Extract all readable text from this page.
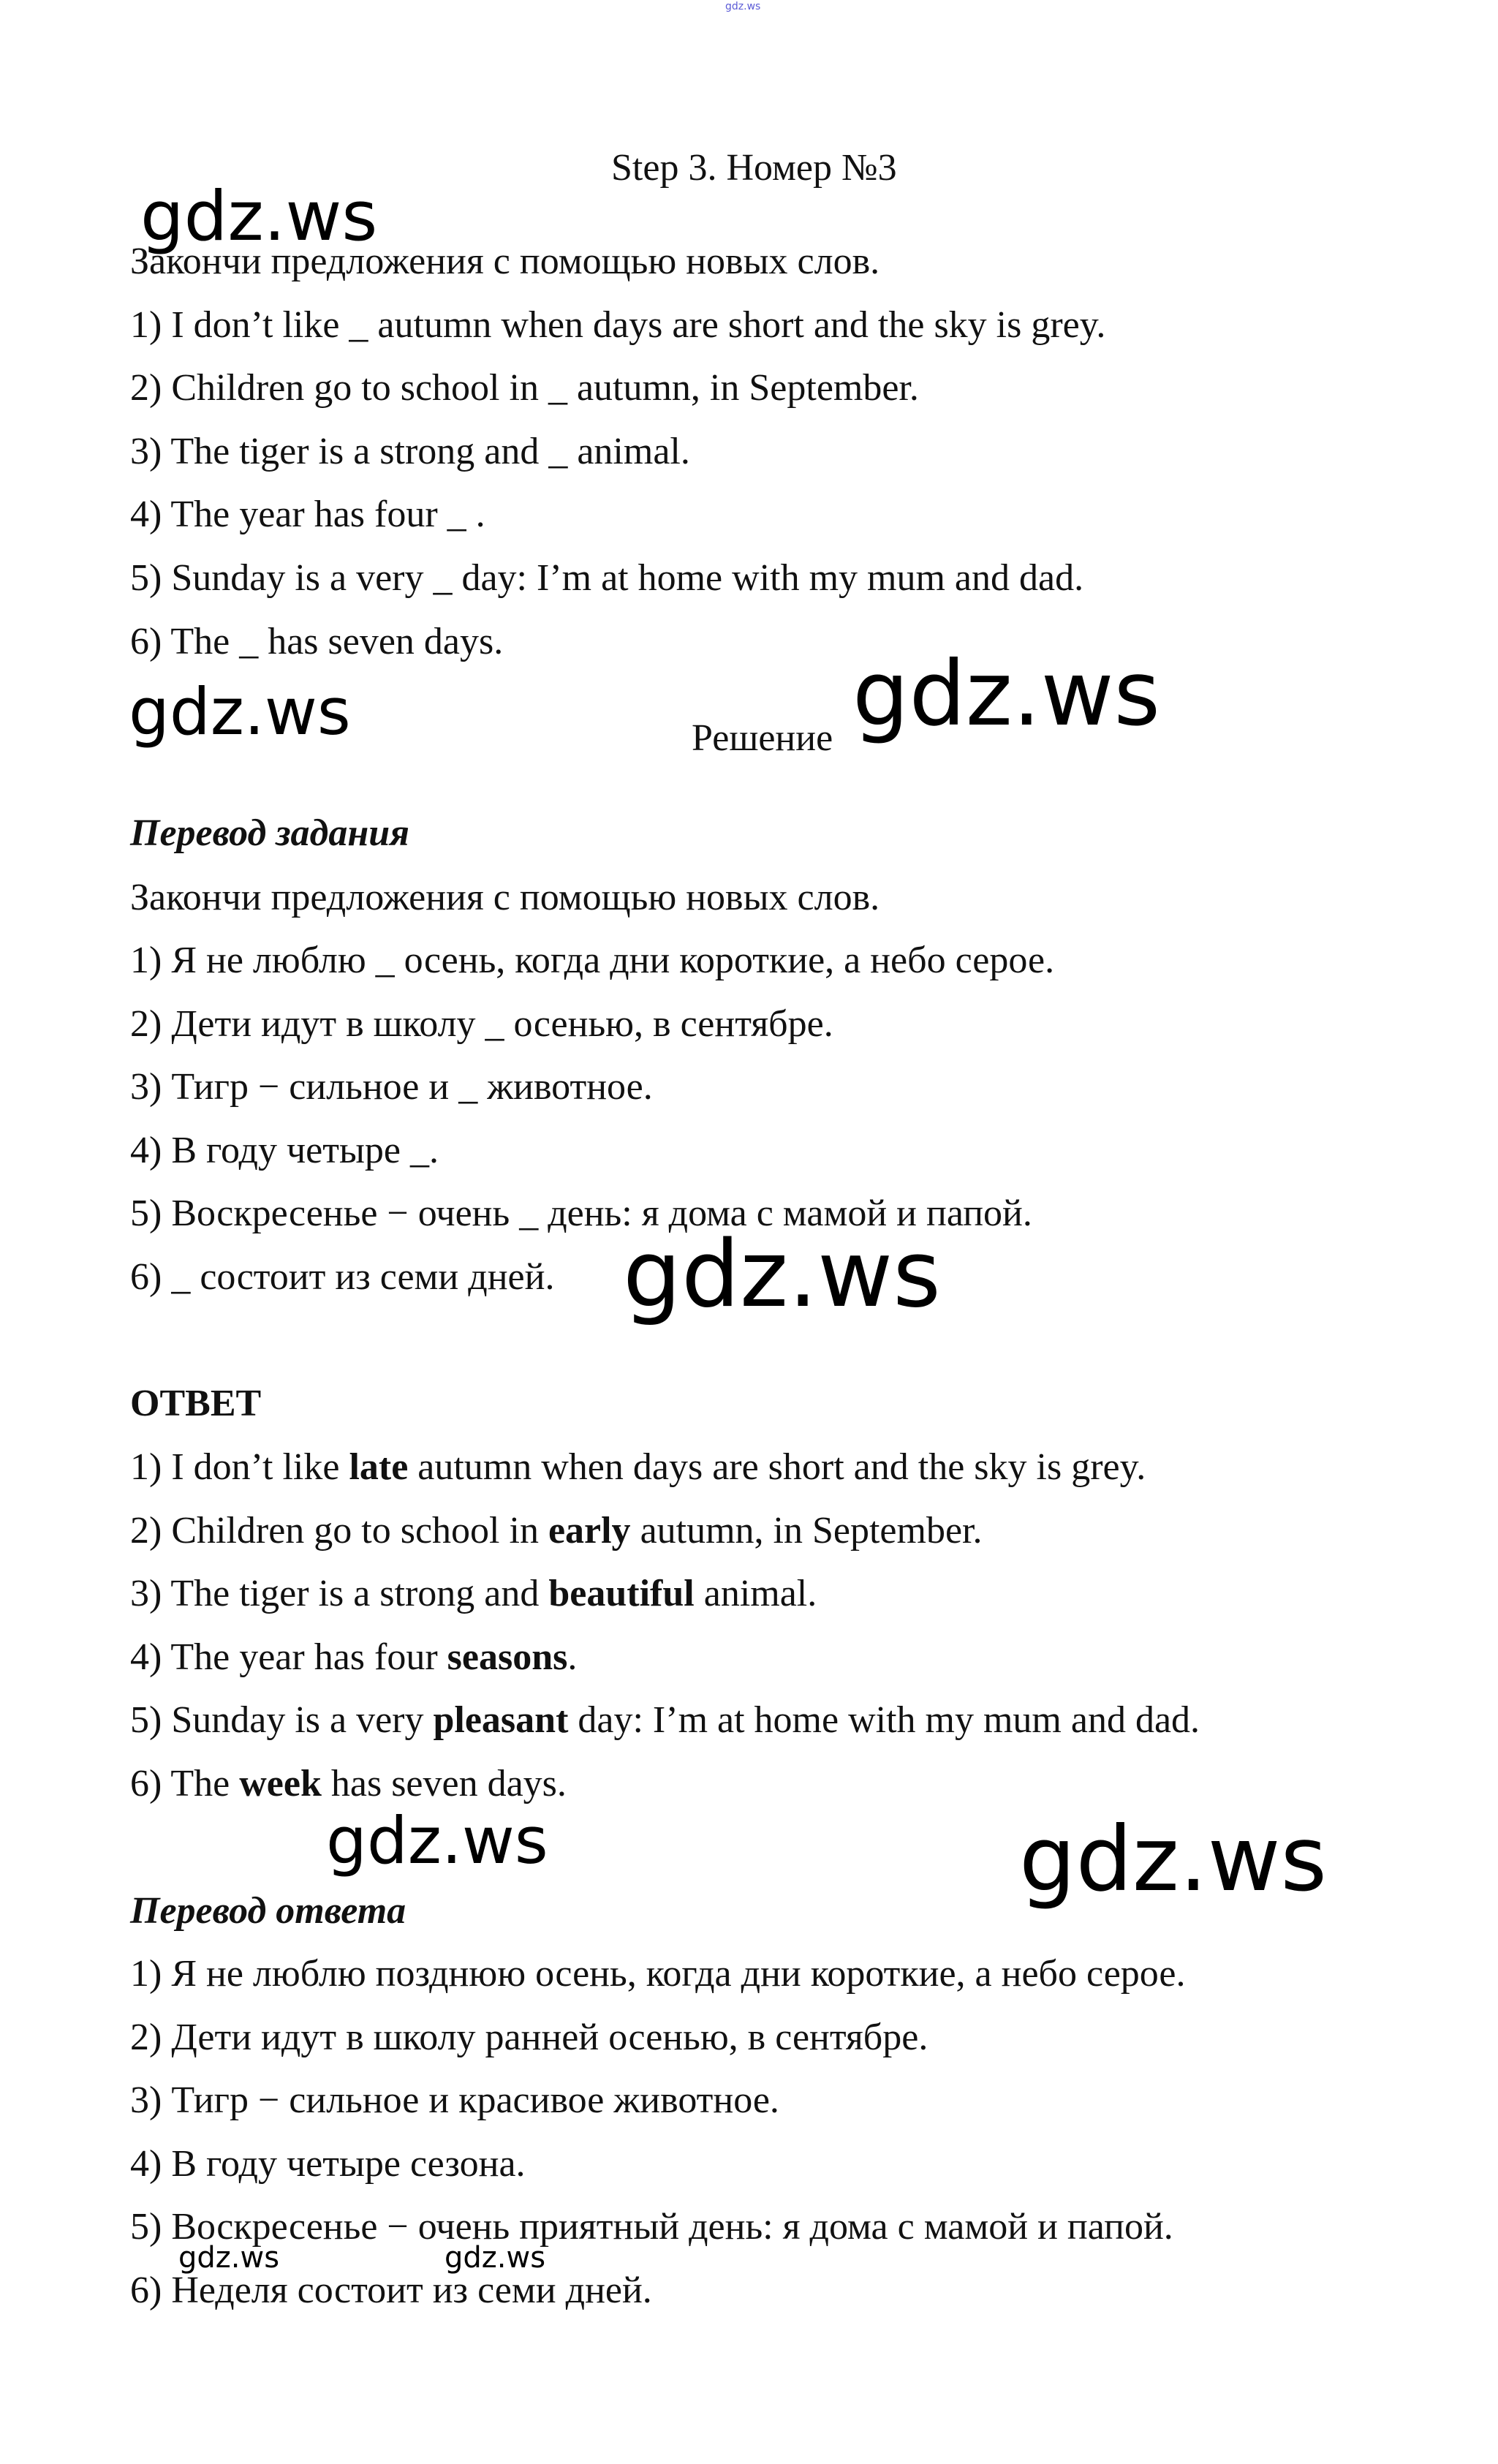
gdz.ws
Step 3. Номер №3
gdz.ws
Закончи предложения с помощью новых слов.
1) I don’t like _ autumn when days are short and the sky is grey.
2) Children go to school in _ autumn, in September.
3) The tiger is a strong and _ animal.
4) The year has four _ .
5) Sunday is a very _ day: I’m at home with my mum and dad.
6) The _ has seven days.
gdz.ws	Решение gdz.ws
Перевод задания
Закончи предложения с помощью новых слов.
1) Я не люблю _ осень, когда дни короткие, а небо серое.
2) Дети идут в школу _ осенью, в сентябре.
3) Тигр − сильное и _ животное.
4) В году четыре _.
5) Воскресенье − очень _ день: я дома с мамой и папой.
6) _ состоит из семи дней. gdz.ws
ОТВЕТ
1) I don’t like late autumn when days are short and the sky is grey.
2) Children go to school in early autumn, in September.
3) The tiger is a strong and beautiful animal.
4) The year has four seasons.
5) Sunday is a very pleasant day: I’m at home with my mum and dad.
6) The week has seven days.
gdz.ws	gdz.ws
Перевод ответа
1) Я не люблю позднюю осень, когда дни короткие, а небо серое.
2) Дети идут в школу ранней осенью, в сентябре.
3) Тигр − сильное и красивое животное.
4) В году четыре сезона.
5) Воскресенье − очень приятный день: я дома с мамой и папой.
6) Неделя состоит из семи дней.
gdz.ws	gdz.ws
